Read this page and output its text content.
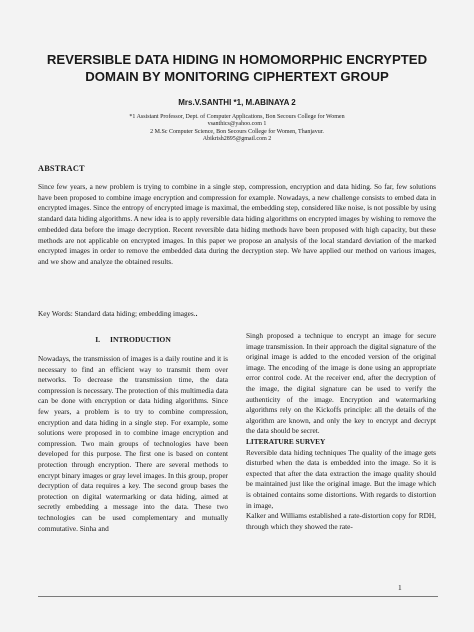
REVERSIBLE DATA HIDING IN HOMOMORPHIC ENCRYPTED DOMAIN BY MONITORING CIPHERTEXT GROUP
Mrs.V.SANTHI *1, M.ABINAYA 2
*1 Assistant Professor, Dept. of Computer Applications, Bon Secours College for Women
vsanthics@yahoo.com 1
2 M.Sc Computer Science, Bon Secours College for Women, Thanjavur.
Abikrish2895@gmail.com 2
ABSTRACT

Since few years, a new problem is trying to combine in a single step, compression, encryption and data hiding. So far, few solutions have been proposed to combine image encryption and compression for example. Nowadays, a new challenge consists to embed data in encrypted images. Since the entropy of encrypted image is maximal, the embedding step, considered like noise, is not possible by using standard data hiding algorithms. A new idea is to apply reversible data hiding algorithms on encrypted images by wishing to remove the embedded data before the image decryption. Recent reversible data hiding methods have been proposed with high capacity, but these methods are not applicable on encrypted images. In this paper we propose an analysis of the local standard deviation of the marked encrypted images in order to remove the embedded data during the decryption step. We have applied our method on various images, and we show and analyze the obtained results.

Key Words: Standard data hiding; embedding images..
I. INTRODUCTION

Nowadays, the transmission of images is a daily routine and it is necessary to find an efficient way to transmit them over networks. To decrease the transmission time, the data compression is necessary. The protection of this multimedia data can be done with encryption or data hiding algorithms. Since few years, a problem is to try to combine compression, encryption and data hiding in a single step. For example, some solutions were proposed in to combine image encryption and compression. Two main groups of technologies have been developed for this purpose. The first one is based on content protection through encryption. There are several methods to encrypt binary images or gray level images. In this group, proper decryption of data requires a key. The second group bases the protection on digital watermarking or data hiding, aimed at secretly embedding a message into the data. These two technologies can be used complementary and mutually commutative. Sinha and

Singh proposed a technique to encrypt an image for secure image transmission. In their approach the digital signature of the original image is added to the encoded version of the original image. The encoding of the image is done using an appropriate error control code. At the receiver end, after the decryption of the image, the digital signature can be used to verify the authenticity of the image. Encryption and watermarking algorithms rely on the Kickoffs principle: all the details of the algorithm are known, and only the key to encrypt and decrypt the data should be secret.

LITERATURE SURVEY

Reversible data hiding techniques The quality of the image gets disturbed when the data is embedded into the image. So it is expected that after the data extraction the image quality should be maintained just like the original image. But the image which is obtained contains some distortions. With regards to distortion in image,

Kalker and Williams established a rate-distortion copy for RDH, through which they showed the rate-

1
